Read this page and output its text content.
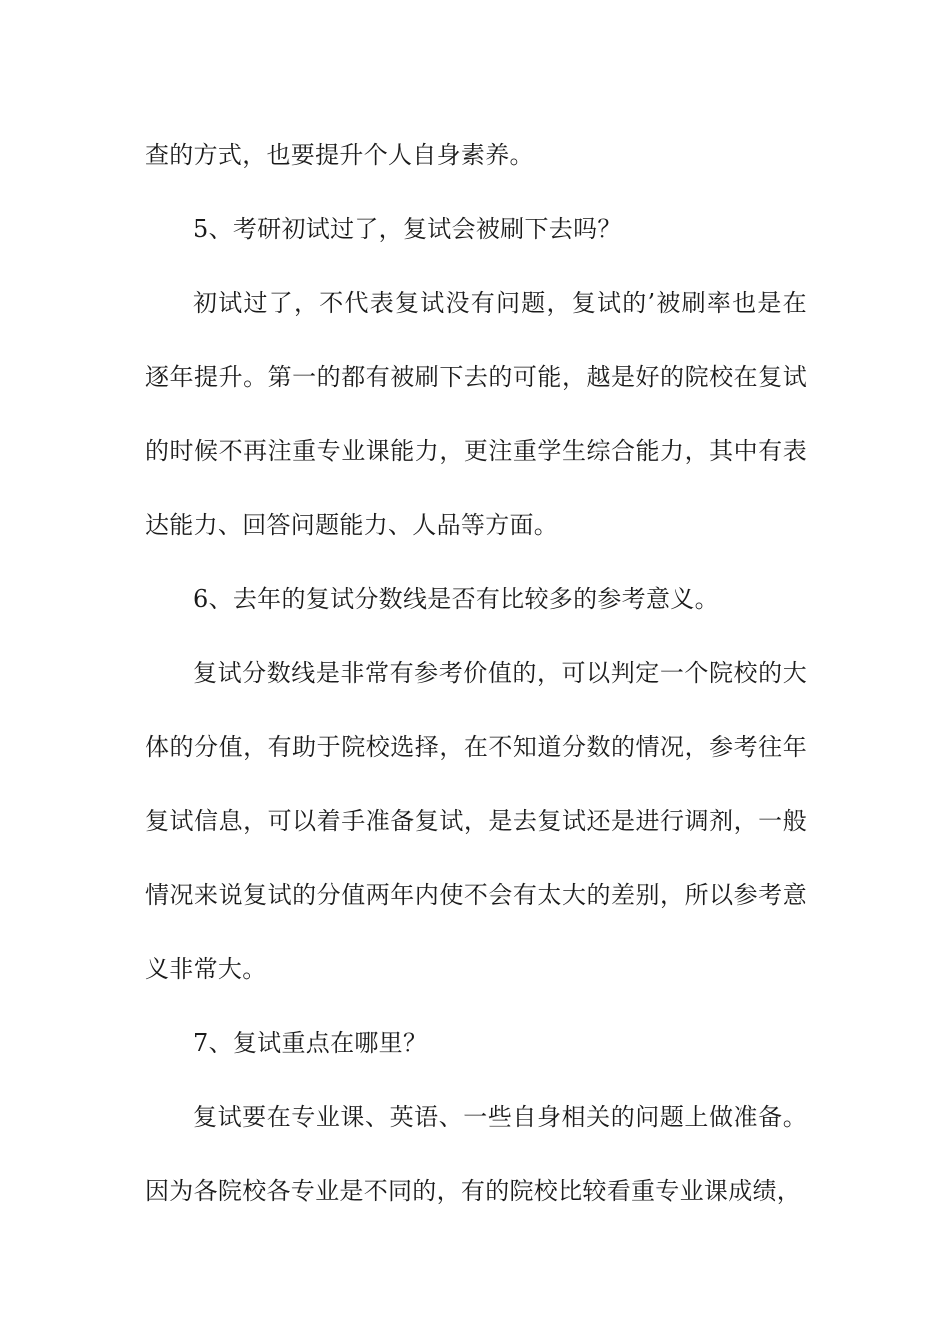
查的方式，也要提升个人自身素养。

5、考研初试过了，复试会被刷下去吗？

初试过了，不代表复试没有问题，复试的’被刷率也是在逐年提升。第一的都有被刷下去的可能，越是好的院校在复试的时候不再注重专业课能力，更注重学生综合能力，其中有表达能力、回答问题能力、人品等方面。

6、去年的复试分数线是否有比较多的参考意义。

复试分数线是非常有参考价值的，可以判定一个院校的大体的分值，有助于院校选择，在不知道分数的情况，参考往年复试信息，可以着手准备复试，是去复试还是进行调剂，一般情况来说复试的分值两年内使不会有太大的差别，所以参考意义非常大。

7、复试重点在哪里？

复试要在专业课、英语、一些自身相关的问题上做准备。因为各院校各专业是不同的，有的院校比较看重专业课成绩，
